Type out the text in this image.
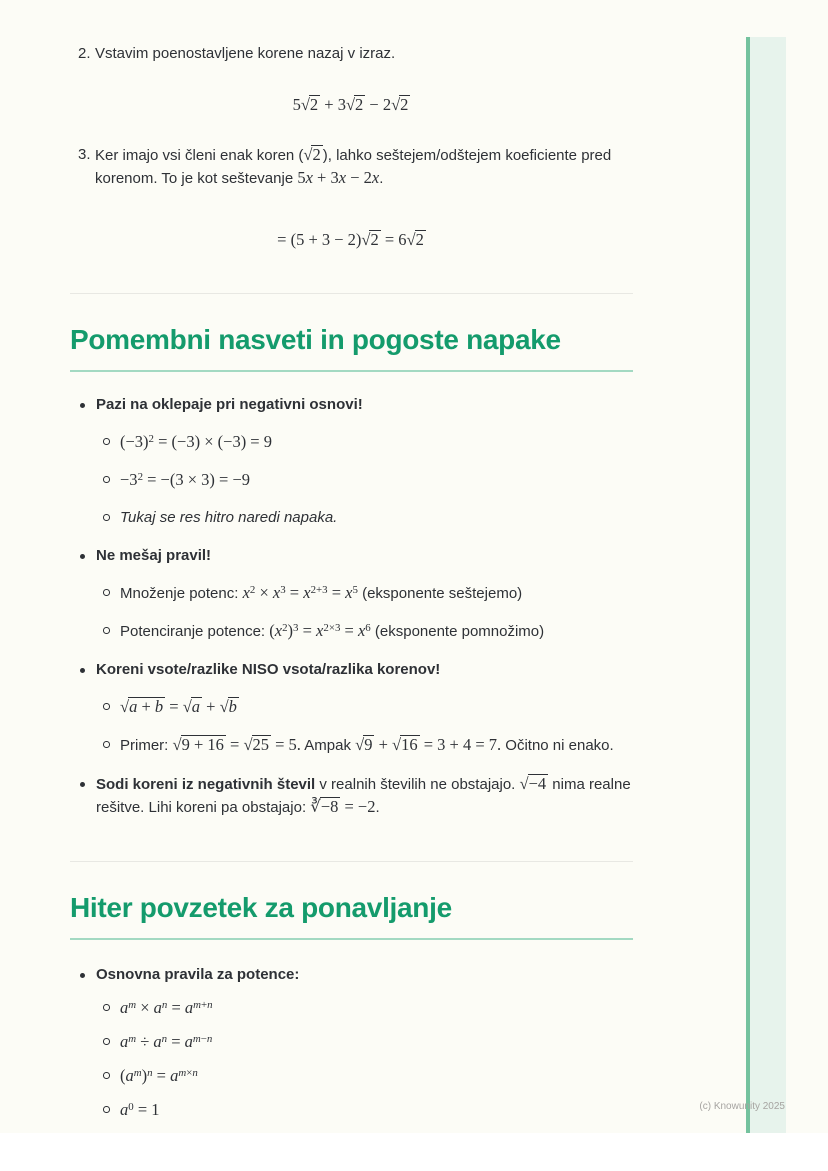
2. Vstavim poenostavljene korene nazaj v izraz.
5√2 + 3√2 − 2√2
3. Ker imajo vsi členi enak koren (√2 ), lahko seštejem/odštejem koeficiente pred korenom. To je kot seštevanje 5x + 3x − 2x.
= (5 + 3 − 2)√2 = 6√2
Pomembni nasveti in pogoste napake
Pazi na oklepaje pri negativni osnovi!
$(-3)^2 = (-3) \times (-3) = 9$
$-3^2 = -(3 \times 3) = -9$
Tukaj se res hitro naredi napaka.
Ne mešaj pravil!
Množenje potenc: $x^2 \times x^3 = x^{2+3} = x^5$ (eksponente seštejemo)
Potenciranje potence: $(x^2)^3 = x^{2\times 3} = x^6$ (eksponente pomnožimo)
Koreni vsote/razlike NISO vsota/razlika korenov!
√a + b = √a + √b
Primer: √9 + 16 = √25 = 5. Ampak √9 + √16 = 3 + 4 = 7. Očitno ni enako.
Sodi koreni iz negativnih števil v realnih številih ne obstajajo. √−4 nima realne rešitve. Lihi koreni pa obstajajo: ∛−8 = −2.
Hiter povzetek za ponavljanje
Osnovna pravila za potence:
$a^m \times a^n = a^{m+n}$
$a^m \div a^n = a^{m-n}$
$(a^m)^n = a^{m\times n}$
$a^0 = 1$	(c) Knowunity 2025
